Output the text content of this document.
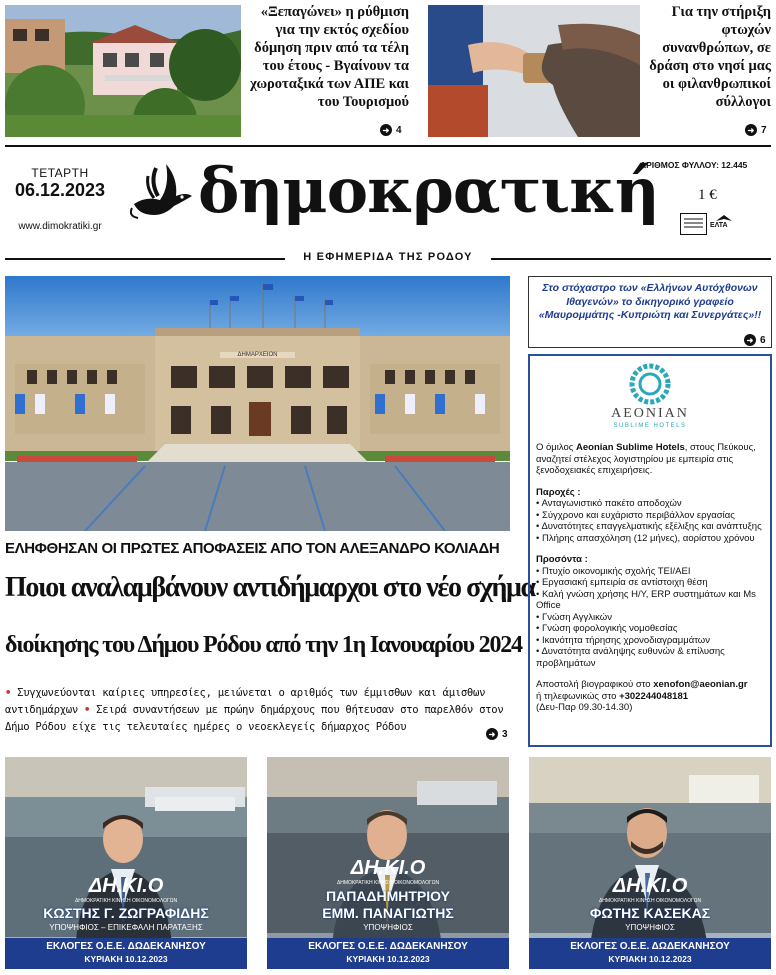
«Ξεπαγώνει» η ρύθμιση για την εκτός σχεδίου δόμηση πριν από τα τέλη του έτους - Βγαίνουν τα χωροταξικά των ΑΠΕ και του Τουρισμού
➜ 4
Για την στήριξη φτωχών συνανθρώπων, σε δράση στο νησί μας οι φιλανθρωπικοί σύλλογοι
➜ 7
ΤΕΤΑΡΤΗ
06.12.2023
www.dimokratiki.gr δημοκρατική
ΑΡΙΘΜΟΣ ΦΥΛΛΟΥ: 12.445
1 €
ΕΛΤΑ
Η ΕΦΗΜΕΡΙΔΑ ΤΗΣ ΡΟΔΟΥ
ΔΗΜΑΡΧΕΙΟΝ
ΕΛΗΦΘΗΣΑΝ ΟΙ ΠΡΩΤΕΣ ΑΠΟΦΑΣΕΙΣ ΑΠΟ ΤΟΝ ΑΛΕΞΑΝΔΡΟ ΚΟΛΙΑΔΗ
Ποιοι αναλαμβάνουν αντιδήμαρχοι στο νέο σχήμα
διοίκησης του Δήμου Ρόδου από την 1η Ιανουαρίου 2024
• Συγχωνεύονται καίριες υπηρεσίες, μειώνεται ο αριθμός των έμμισθων και άμισθων αντιδημάρχων • Σειρά συναντήσεων με πρώην δημάρχους που θήτευσαν στο παρελθόν στον Δήμο Ρόδου είχε τις τελευταίες ημέρες ο νεοεκλεγείς δήμαρχος Ρόδου
➜ 3
Στο στόχαστρο των «Ελλήνων Αυτόχθονων Ιθαγενών» το δικηγορικό γραφείο «Μαυρομμάτης -Κυπριώτη και Συνεργάτες»!!
➜ 6
AEONIAN
SUBLIME HOTELS
Ο όμιλος Aeonian Sublime Hotels, στους Πεύκους, αναζητεί στέλεχος λογιστηρίου με εμπειρία στις ξενοδοχειακές επιχειρήσεις.
Παροχές :
• Ανταγωνιστικό πακέτο αποδοχών
• Σύγχρονο και ευχάριστο περιβάλλον εργασίας
• Δυνατότητες επαγγελματικής εξέλιξης και ανάπτυξης
• Πλήρης απασχόληση (12 μήνες), αορίστου χρόνου
Προσόντα :
• Πτυχίο οικονομικής σχολής ΤΕΙ/ΑΕΙ
• Εργασιακή εμπειρία σε αντίστοιχη θέση
• Καλή γνώση χρήσης Η/Υ, ERP συστημάτων και Ms Office
• Γνώση Αγγλικών
• Γνώση φορολογικής νομοθεσίας
• Ικανότητα τήρησης χρονοδιαγραμμάτων
• Δυνατότητα ανάληψης ευθυνών & επίλυσης προβλημάτων
Αποστολή βιογραφικού στο xenofon@aeonian.gr
ή τηλεφωνικώς στο +302244048181
(Δευ-Παρ 09.30-14.30)
ΔΗ.ΚΙ.Ο
ΔΗΜΟΚΡΑΤΙΚΗ ΚΙΝΗΣΗ ΟΙΚΟΝΟΜΟΛΟΓΩΝ
ΚΩΣΤΗΣ Γ. ΖΩΓΡΑΦΙΔΗΣ
ΥΠΟΨΗΦΙΟΣ – ΕΠΙΚΕΦΑΛΗ ΠΑΡΑΤΑΞΗΣ
ΕΚΛΟΓΕΣ Ο.Ε.Ε. ΔΩΔΕΚΑΝΗΣΟΥ
ΚΥΡΙΑΚΗ 10.12.2023
ΔΗ.ΚΙ.Ο
ΔΗΜΟΚΡΑΤΙΚΗ ΚΙΝΗΣΗ ΟΙΚΟΝΟΜΟΛΟΓΩΝ
ΠΑΠΑΔΗΜΗΤΡΙΟΥ
ΕΜΜ. ΠΑΝΑΓΙΩΤΗΣ
ΥΠΟΨΗΦΙΟΣ
ΕΚΛΟΓΕΣ Ο.Ε.Ε. ΔΩΔΕΚΑΝΗΣΟΥ
ΚΥΡΙΑΚΗ 10.12.2023
ΔΗ.ΚΙ.Ο
ΔΗΜΟΚΡΑΤΙΚΗ ΚΙΝΗΣΗ ΟΙΚΟΝΟΜΟΛΟΓΩΝ
ΦΩΤΗΣ ΚΑΣΕΚΑΣ
ΥΠΟΨΗΦΙΟΣ
ΕΚΛΟΓΕΣ Ο.Ε.Ε. ΔΩΔΕΚΑΝΗΣΟΥ
ΚΥΡΙΑΚΗ 10.12.2023
